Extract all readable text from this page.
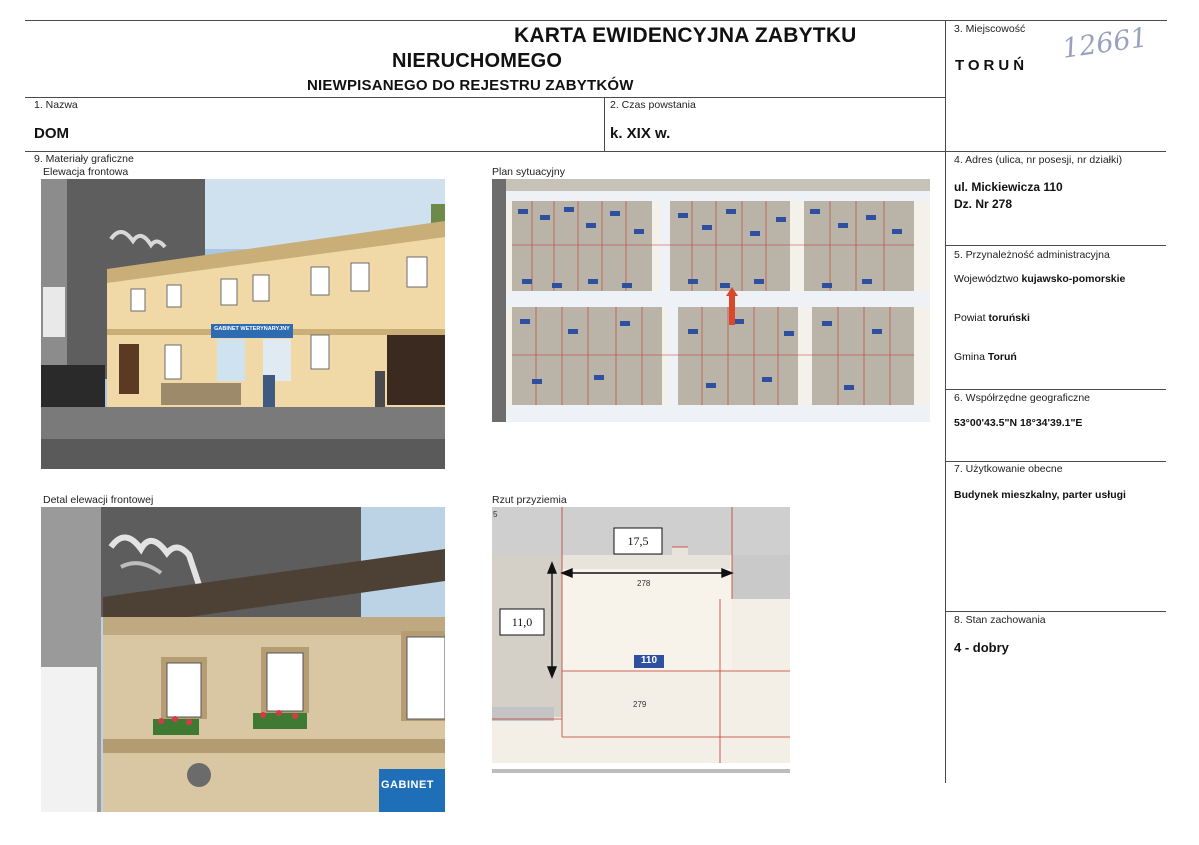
KARTA EWIDENCYJNA ZABYTKU
NIERUCHOMEGO
NIEWPISANEGO DO REJESTRU ZABYTKÓW
3. Miejscowość
TORUŃ
12661
1. Nazwa
DOM
2. Czas powstania
k. XIX w.
4. Adres (ulica, nr posesji, nr działki)
ul. Mickiewicza 110
Dz. Nr 278
5. Przynależność administracyjna
Województwo kujawsko-pomorskie
Powiat toruński
Gmina Toruń
6. Współrzędne geograficzne
53°00'43.5"N 18°34'39.1"E
7. Użytkowanie obecne
Budynek mieszkalny, parter usługi
8. Stan zachowania
4 - dobry
9. Materiały graficzne
Elewacja frontowa	Plan sytuacyjny
Detal elewacji frontowej	Rzut przyziemia
GABINET WETERYNARYJNY
GABINET
17,5
11,0
278
279
110
5
